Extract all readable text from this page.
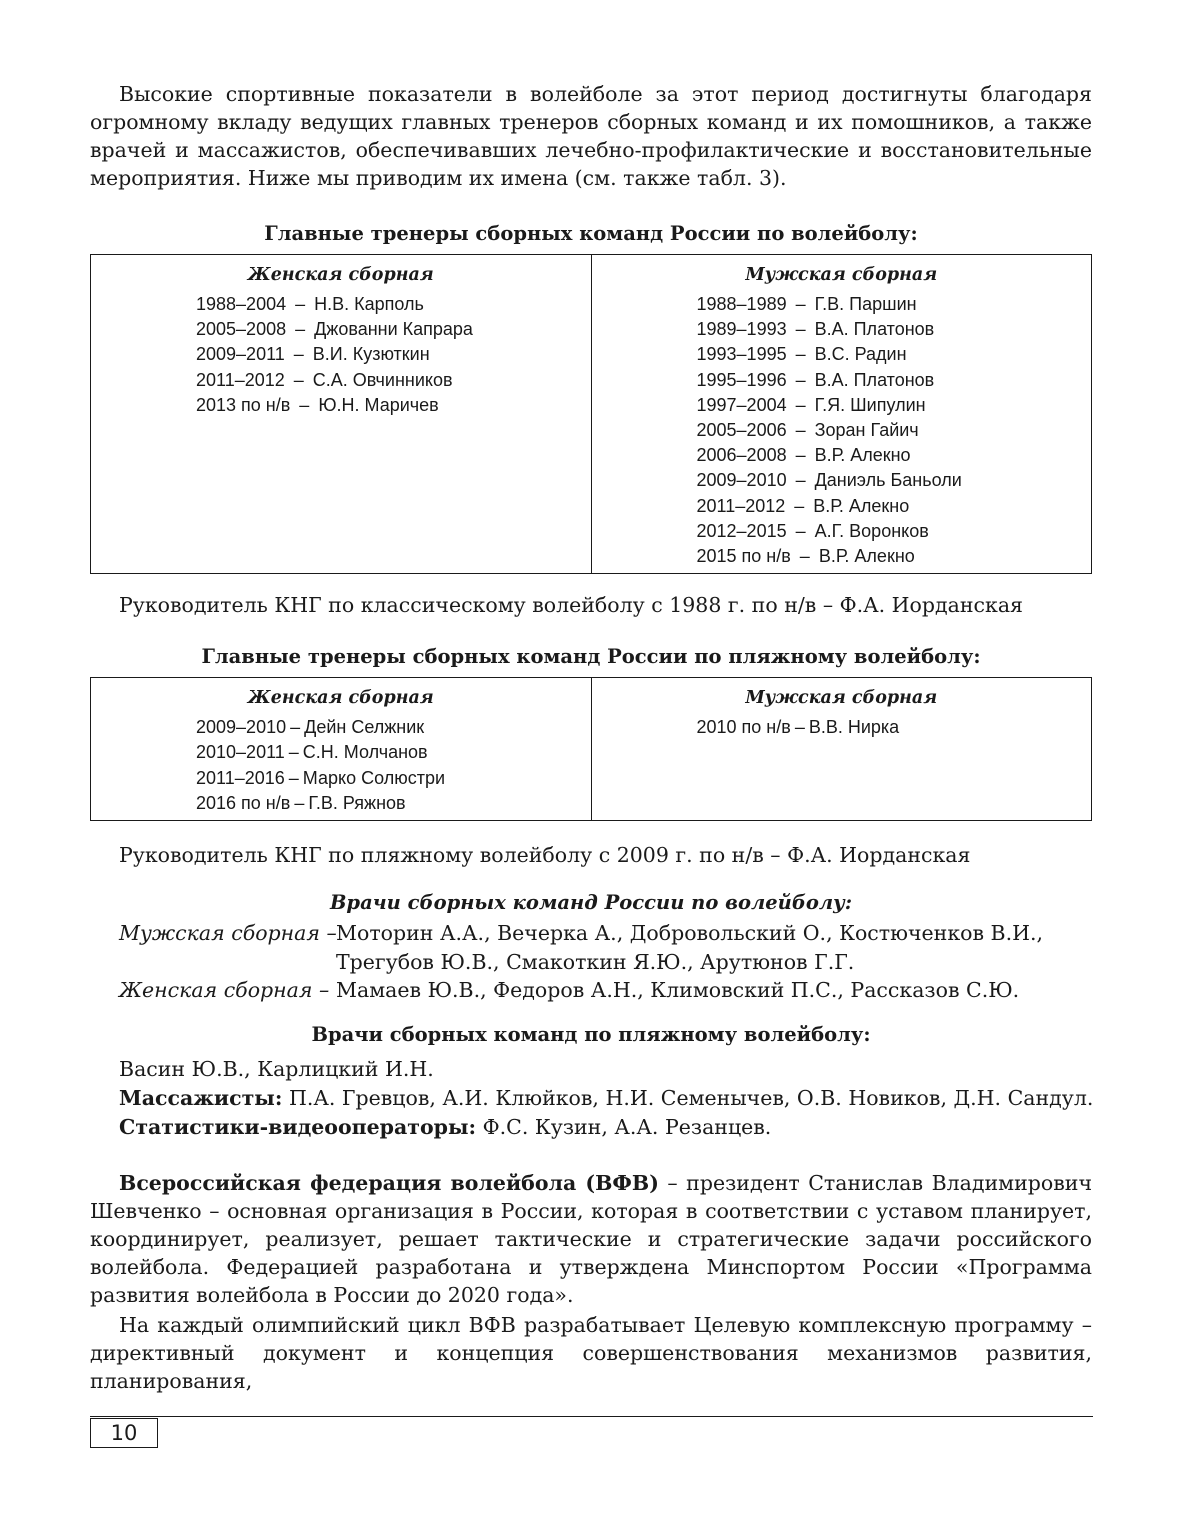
Высокие спортивные показатели в волейболе за этот период достигнуты благодаря огромному вкладу ведущих главных тренеров сборных команд и их помошников, а также врачей и массажистов, обеспечивавших лечебно-профилактические и восстановительные мероприятия. Ниже мы приводим их имена (см. также табл. 3).

Главные тренеры сборных команд России по волейболу:
Женская сборная
1988–2004 – Н.В. Карполь
2005–2008 – Джованни Капрара
2009–2011 – В.И. Кузюткин
2011–2012 – С.А. Овчинников
2013 по н/в – Ю.Н. Маричев

Мужская сборная
1988–1989 – Г.В. Паршин
1989–1993 – В.А. Платонов
1993–1995 – В.С. Радин
1995–1996 – В.А. Платонов
1997–2004 – Г.Я. Шипулин
2005–2006 – Зоран Гайич
2006–2008 – В.Р. Алекно
2009–2010 – Даниэль Баньоли
2011–2012 – В.Р. Алекно
2012–2015 – А.Г. Воронков
2015 по н/в – В.Р. Алекно
Руководитель КНГ по классическому волейболу с 1988 г. по н/в – Ф.А. Иорданская
Главные тренеры сборных команд России по пляжному волейболу:
Женская сборная
2009–2010 – Дейн Селжник
2010–2011 – С.Н. Молчанов
2011–2016 – Марко Солюстри
2016 по н/в – Г.В. Ряжнов

Мужская сборная
2010 по н/в – В.В. Нирка
Руководитель КНГ по пляжному волейболу с 2009 г. по н/в – Ф.А. Иорданская
Врачи сборных команд России по волейболу:
Мужская сборная – Моторин А.А., Вечерка А., Добровольский О., Костюченков В.И.,
Трегубов Ю.В., Смакоткин Я.Ю., Арутюнов Г.Г.
Женская сборная – Мамаев Ю.В., Федоров А.Н., Климовский П.С., Рассказов С.Ю.
Врачи сборных команд по пляжному волейболу:
Васин Ю.В., Карлицкий И.Н.
Массажисты: П.А. Гревцов, А.И. Клюйков, Н.И. Семенычев, О.В. Новиков, Д.Н. Сандул.
Статистики-видеооператоры: Ф.С. Кузин, А.А. Резанцев.

Всероссийская федерация волейбола (ВФВ) – президент Станислав Владимирович Шевченко – основная организация в России, которая в соответствии с уставом планирует, координирует, реализует, решает тактические и стратегические задачи российского волейбола. Федерацией разработана и утверждена Минспортом России «Программа развития волейбола в России до 2020 года».

На каждый олимпийский цикл ВФВ разрабатывает Целевую комплексную программу – директивный документ и концепция совершенствования механизмов развития, планирования,

10
